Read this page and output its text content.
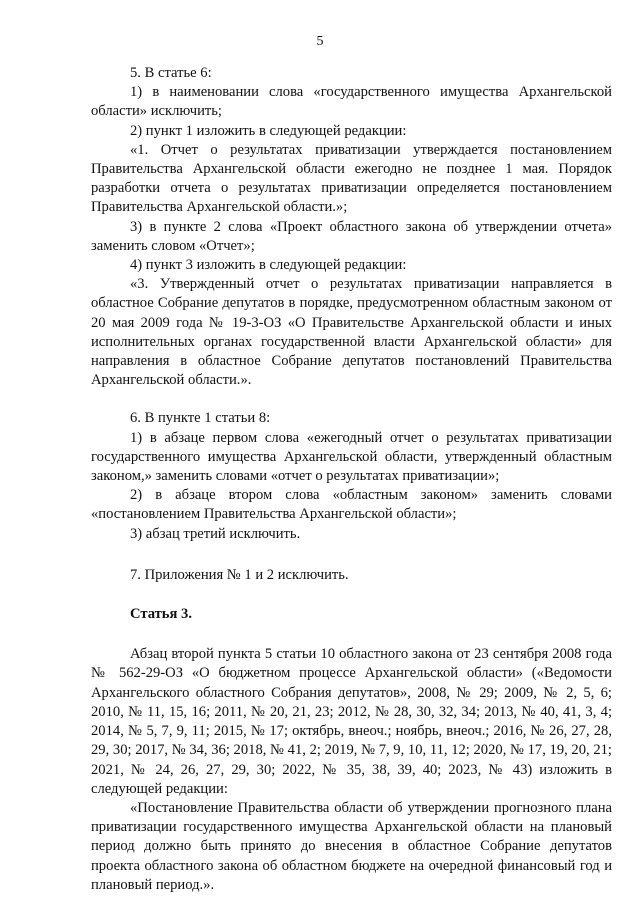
5

5. В статье 6:

1) в наименовании слова «государственного имущества Архангельской области» исключить;

2) пункт 1 изложить в следующей редакции:

«1. Отчет о результатах приватизации утверждается постановлением Правительства Архангельской области ежегодно не позднее 1 мая. Порядок разработки отчета о результатах приватизации определяется постановлением Правительства Архангельской области.»;

3) в пункте 2 слова «Проект областного закона об утверждении отчета» заменить словом «Отчет»;

4) пункт 3 изложить в следующей редакции:

«3. Утвержденный отчет о результатах приватизации направляется в областное Собрание депутатов в порядке, предусмотренном областным законом от 20 мая 2009 года № 19-3-ОЗ «О Правительстве Архангельской области и иных исполнительных органах государственной власти Архангельской области» для направления в областное Собрание депутатов постановлений Правительства Архангельской области.».

6. В пункте 1 статьи 8:

1) в абзаце первом слова «ежегодный отчет о результатах приватизации государственного имущества Архангельской области, утвержденный областным законом,» заменить словами «отчет о результатах приватизации»;

2) в абзаце втором слова «областным законом» заменить словами «постановлением Правительства Архангельской области»;

3) абзац третий исключить.

7. Приложения № 1 и 2 исключить.

Статья 3.

Абзац второй пункта 5 статьи 10 областного закона от 23 сентября 2008 года № 562-29-ОЗ «О бюджетном процессе Архангельской области» («Ведомости Архангельского областного Собрания депутатов», 2008, № 29; 2009, № 2, 5, 6; 2010, № 11, 15, 16; 2011, № 20, 21, 23; 2012, № 28, 30, 32, 34; 2013, № 40, 41, 3, 4; 2014, № 5, 7, 9, 11; 2015, № 17; октябрь, внеоч.; ноябрь, внеоч.; 2016, № 26, 27, 28, 29, 30; 2017, № 34, 36; 2018, № 41, 2; 2019, № 7, 9, 10, 11, 12; 2020, № 17, 19, 20, 21; 2021, № 24, 26, 27, 29, 30; 2022, № 35, 38, 39, 40; 2023, № 43) изложить в следующей редакции:

«Постановление Правительства области об утверждении прогнозного плана приватизации государственного имущества Архангельской области на плановый период должно быть принято до внесения в областное Собрание депутатов проекта областного закона об областном бюджете на очередной финансовый год и плановый период.».
